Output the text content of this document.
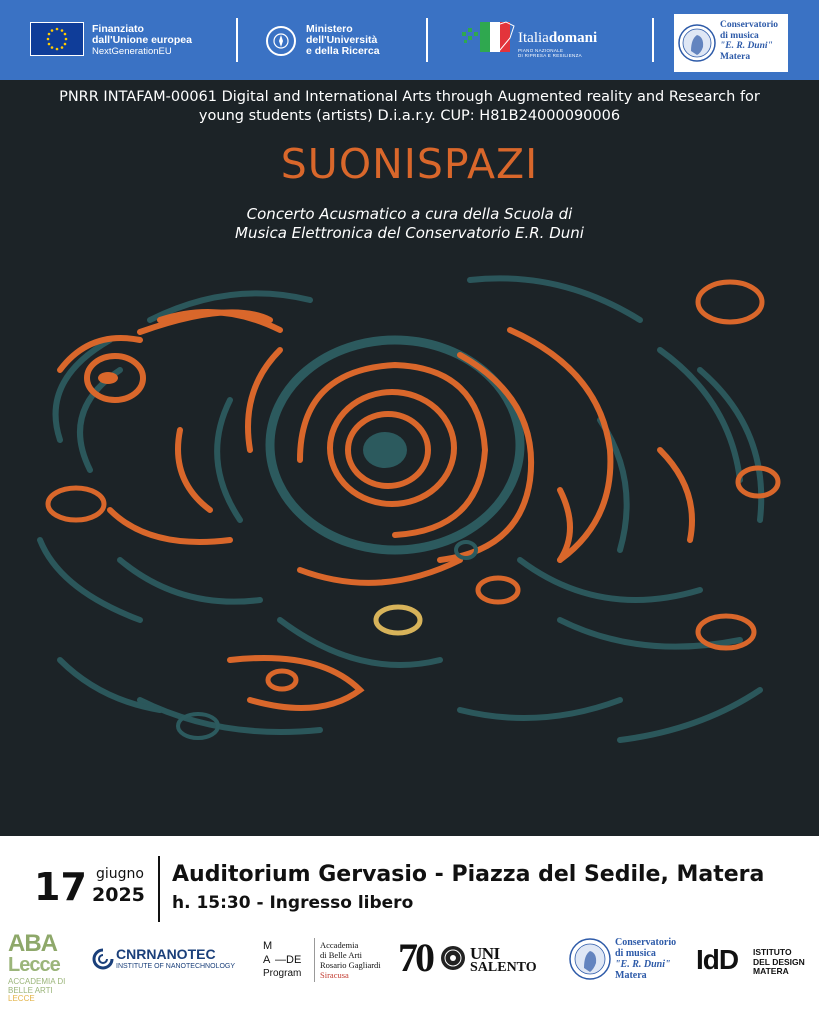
Finanziato
dall'Unione europea
NextGenerationEU
Ministero
dell'Università
e della Ricerca
Italiadomani
PIANO NAZIONALE
DI RIPRESA E RESILIENZA
Conservatorio
di musica
"E. R. Duni"
Matera
PNRR INTAFAM-00061 Digital and International Arts through Augmented reality and Research for
young students (artists) D.i.a.r.y. CUP: H81B24000090006
SUONISPAZI
Concerto Acusmatico a cura della Scuola di
Musica Elettronica del Conservatorio E.R. Duni
17 giugno
2025
Auditorium Gervasio - Piazza del Sedile, Matera
h. 15:30 - Ingresso libero
ABA
Lecce
ACCADEMIA DI
BELLE ARTI
LECCE
CNRNANOTEC
INSTITUTE OF NANOTECHNOLOGY
M
A —DE
Program
Accademia
di Belle Arti
Rosario Gagliardi
Siracusa	70 UNI
SALENTO
Conservatorio
di musica
"E. R. Duni"
Matera
IdD ISTITUTO
DEL DESIGN
MATERA
